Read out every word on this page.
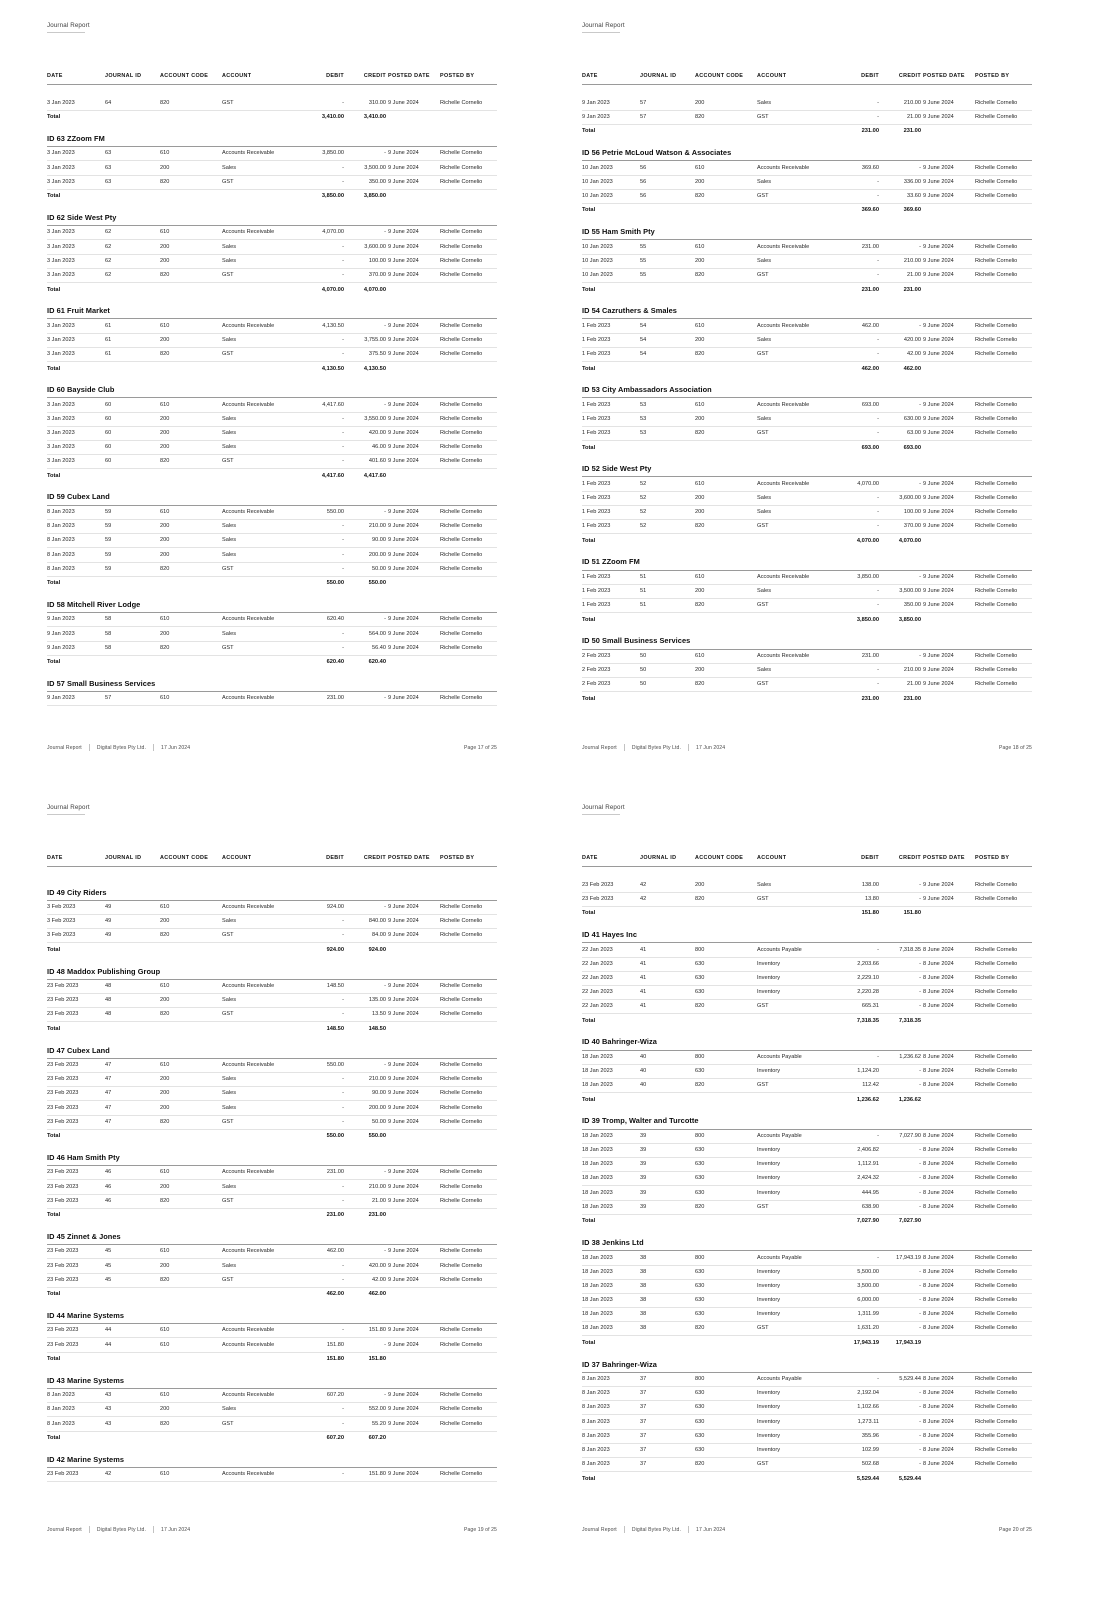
Journal Report
DATE	JOURNAL ID	ACCOUNT CODE	ACCOUNT	DEBIT	CREDIT	POSTED DATE	POSTED BY

3 Jan 2023	64	820	GST	-	310.00	9 June 2024	Richelle Cornelio
Total				3,410.00	3,410.00		
ID 63 ZZoom FM							
3 Jan 2023	63	610	Accounts Receivable	3,850.00	-	9 June 2024	Richelle Cornelio
3 Jan 2023	63	200	Sales	-	3,500.00	9 June 2024	Richelle Cornelio
3 Jan 2023	63	820	GST	-	350.00	9 June 2024	Richelle Cornelio
Total				3,850.00	3,850.00		
ID 62 Side West Pty							
3 Jan 2023	62	610	Accounts Receivable	4,070.00	-	9 June 2024	Richelle Cornelio
3 Jan 2023	62	200	Sales	-	3,600.00	9 June 2024	Richelle Cornelio
3 Jan 2023	62	200	Sales	-	100.00	9 June 2024	Richelle Cornelio
3 Jan 2023	62	820	GST	-	370.00	9 June 2024	Richelle Cornelio
Total				4,070.00	4,070.00		
ID 61 Fruit Market							
3 Jan 2023	61	610	Accounts Receivable	4,130.50	-	9 June 2024	Richelle Cornelio
3 Jan 2023	61	200	Sales	-	3,755.00	9 June 2024	Richelle Cornelio
3 Jan 2023	61	820	GST	-	375.50	9 June 2024	Richelle Cornelio
Total				4,130.50	4,130.50		
ID 60 Bayside Club							
3 Jan 2023	60	610	Accounts Receivable	4,417.60	-	9 June 2024	Richelle Cornelio
3 Jan 2023	60	200	Sales	-	3,550.00	9 June 2024	Richelle Cornelio
3 Jan 2023	60	200	Sales	-	420.00	9 June 2024	Richelle Cornelio
3 Jan 2023	60	200	Sales	-	46.00	9 June 2024	Richelle Cornelio
3 Jan 2023	60	820	GST	-	401.60	9 June 2024	Richelle Cornelio
Total				4,417.60	4,417.60		
ID 59 Cubex Land							
8 Jan 2023	59	610	Accounts Receivable	550.00	-	9 June 2024	Richelle Cornelio
8 Jan 2023	59	200	Sales	-	210.00	9 June 2024	Richelle Cornelio
8 Jan 2023	59	200	Sales	-	90.00	9 June 2024	Richelle Cornelio
8 Jan 2023	59	200	Sales	-	200.00	9 June 2024	Richelle Cornelio
8 Jan 2023	59	820	GST	-	50.00	9 June 2024	Richelle Cornelio
Total				550.00	550.00		
ID 58 Mitchell River Lodge							
9 Jan 2023	58	610	Accounts Receivable	620.40	-	9 June 2024	Richelle Cornelio
9 Jan 2023	58	200	Sales	-	564.00	9 June 2024	Richelle Cornelio
9 Jan 2023	58	820	GST	-	56.40	9 June 2024	Richelle Cornelio
Total				620.40	620.40		
ID 57 Small Business Services							
9 Jan 2023	57	610	Accounts Receivable	231.00	-	9 June 2024	Richelle Cornelio
Journal Report	Digital Bytes Pty Ltd.	17 Jun 2024	Page 17 of 25
Journal Report
DATE	JOURNAL ID	ACCOUNT CODE	ACCOUNT	DEBIT	CREDIT	POSTED DATE	POSTED BY

9 Jan 2023	57	200	Sales	-	210.00	9 June 2024	Richelle Cornelio
9 Jan 2023	57	820	GST	-	21.00	9 June 2024	Richelle Cornelio
Total				231.00	231.00		
ID 56 Petrie McLoud Watson & Associates							
10 Jan 2023	56	610	Accounts Receivable	369.60	-	9 June 2024	Richelle Cornelio
10 Jan 2023	56	200	Sales	-	336.00	9 June 2024	Richelle Cornelio
10 Jan 2023	56	820	GST	-	33.60	9 June 2024	Richelle Cornelio
Total				369.60	369.60		
ID 55 Ham Smith Pty							
10 Jan 2023	55	610	Accounts Receivable	231.00	-	9 June 2024	Richelle Cornelio
10 Jan 2023	55	200	Sales	-	210.00	9 June 2024	Richelle Cornelio
10 Jan 2023	55	820	GST	-	21.00	9 June 2024	Richelle Cornelio
Total				231.00	231.00		
ID 54 Cazruthers & Smales							
1 Feb 2023	54	610	Accounts Receivable	462.00	-	9 June 2024	Richelle Cornelio
1 Feb 2023	54	200	Sales	-	420.00	9 June 2024	Richelle Cornelio
1 Feb 2023	54	820	GST	-	42.00	9 June 2024	Richelle Cornelio
Total				462.00	462.00		
ID 53 City Ambassadors Association							
1 Feb 2023	53	610	Accounts Receivable	693.00	-	9 June 2024	Richelle Cornelio
1 Feb 2023	53	200	Sales	-	630.00	9 June 2024	Richelle Cornelio
1 Feb 2023	53	820	GST	-	63.00	9 June 2024	Richelle Cornelio
Total				693.00	693.00		
ID 52 Side West Pty							
1 Feb 2023	52	610	Accounts Receivable	4,070.00	-	9 June 2024	Richelle Cornelio
1 Feb 2023	52	200	Sales	-	3,600.00	9 June 2024	Richelle Cornelio
1 Feb 2023	52	200	Sales	-	100.00	9 June 2024	Richelle Cornelio
1 Feb 2023	52	820	GST	-	370.00	9 June 2024	Richelle Cornelio
Total				4,070.00	4,070.00		
ID 51 ZZoom FM							
1 Feb 2023	51	610	Accounts Receivable	3,850.00	-	9 June 2024	Richelle Cornelio
1 Feb 2023	51	200	Sales	-	3,500.00	9 June 2024	Richelle Cornelio
1 Feb 2023	51	820	GST	-	350.00	9 June 2024	Richelle Cornelio
Total				3,850.00	3,850.00		
ID 50 Small Business Services							
2 Feb 2023	50	610	Accounts Receivable	231.00	-	9 June 2024	Richelle Cornelio
2 Feb 2023	50	200	Sales	-	210.00	9 June 2024	Richelle Cornelio
2 Feb 2023	50	820	GST	-	21.00	9 June 2024	Richelle Cornelio
Total				231.00	231.00		
Journal Report	Digital Bytes Pty Ltd.	17 Jun 2024	Page 18 of 25
Journal Report
DATE	JOURNAL ID	ACCOUNT CODE	ACCOUNT	DEBIT	CREDIT	POSTED DATE	POSTED BY

ID 49 City Riders							
3 Feb 2023	49	610	Accounts Receivable	924.00	-	9 June 2024	Richelle Cornelio
3 Feb 2023	49	200	Sales	-	840.00	9 June 2024	Richelle Cornelio
3 Feb 2023	49	820	GST	-	84.00	9 June 2024	Richelle Cornelio
Total				924.00	924.00		
ID 48 Maddox Publishing Group							
23 Feb 2023	48	610	Accounts Receivable	148.50	-	9 June 2024	Richelle Cornelio
23 Feb 2023	48	200	Sales	-	135.00	9 June 2024	Richelle Cornelio
23 Feb 2023	48	820	GST	-	13.50	9 June 2024	Richelle Cornelio
Total				148.50	148.50		
ID 47 Cubex Land							
23 Feb 2023	47	610	Accounts Receivable	550.00	-	9 June 2024	Richelle Cornelio
23 Feb 2023	47	200	Sales	-	210.00	9 June 2024	Richelle Cornelio
23 Feb 2023	47	200	Sales	-	90.00	9 June 2024	Richelle Cornelio
23 Feb 2023	47	200	Sales	-	200.00	9 June 2024	Richelle Cornelio
23 Feb 2023	47	820	GST	-	50.00	9 June 2024	Richelle Cornelio
Total				550.00	550.00		
ID 46 Ham Smith Pty							
23 Feb 2023	46	610	Accounts Receivable	231.00	-	9 June 2024	Richelle Cornelio
23 Feb 2023	46	200	Sales	-	210.00	9 June 2024	Richelle Cornelio
23 Feb 2023	46	820	GST	-	21.00	9 June 2024	Richelle Cornelio
Total				231.00	231.00		
ID 45 Zinnet & Jones							
23 Feb 2023	45	610	Accounts Receivable	462.00	-	9 June 2024	Richelle Cornelio
23 Feb 2023	45	200	Sales	-	420.00	9 June 2024	Richelle Cornelio
23 Feb 2023	45	820	GST	-	42.00	9 June 2024	Richelle Cornelio
Total				462.00	462.00		
ID 44 Marine Systems							
23 Feb 2023	44	610	Accounts Receivable	-	151.80	9 June 2024	Richelle Cornelio
23 Feb 2023	44	610	Accounts Receivable	151.80	-	9 June 2024	Richelle Cornelio
Total				151.80	151.80		
ID 43 Marine Systems							
8 Jan 2023	43	610	Accounts Receivable	607.20	-	9 June 2024	Richelle Cornelio
8 Jan 2023	43	200	Sales	-	552.00	9 June 2024	Richelle Cornelio
8 Jan 2023	43	820	GST	-	55.20	9 June 2024	Richelle Cornelio
Total				607.20	607.20		
ID 42 Marine Systems							
23 Feb 2023	42	610	Accounts Receivable	-	151.80	9 June 2024	Richelle Cornelio
Journal Report	Digital Bytes Pty Ltd.	17 Jun 2024	Page 19 of 25
Journal Report
DATE	JOURNAL ID	ACCOUNT CODE	ACCOUNT	DEBIT	CREDIT	POSTED DATE	POSTED BY

23 Feb 2023	42	200	Sales	138.00	-	9 June 2024	Richelle Cornelio
23 Feb 2023	42	820	GST	13.80	-	9 June 2024	Richelle Cornelio
Total				151.80	151.80		
ID 41 Hayes Inc							
22 Jan 2023	41	800	Accounts Payable	-	7,318.35	8 June 2024	Richelle Cornelio
22 Jan 2023	41	630	Inventory	2,203.66	-	8 June 2024	Richelle Cornelio
22 Jan 2023	41	630	Inventory	2,229.10	-	8 June 2024	Richelle Cornelio
22 Jan 2023	41	630	Inventory	2,220.28	-	8 June 2024	Richelle Cornelio
22 Jan 2023	41	820	GST	665.31	-	8 June 2024	Richelle Cornelio
Total				7,318.35	7,318.35		
ID 40 Bahringer-Wiza							
18 Jan 2023	40	800	Accounts Payable	-	1,236.62	8 June 2024	Richelle Cornelio
18 Jan 2023	40	630	Inventory	1,124.20	-	8 June 2024	Richelle Cornelio
18 Jan 2023	40	820	GST	112.42	-	8 June 2024	Richelle Cornelio
Total				1,236.62	1,236.62		
ID 39 Tromp, Walter and Turcotte							
18 Jan 2023	39	800	Accounts Payable	-	7,027.90	8 June 2024	Richelle Cornelio
18 Jan 2023	39	630	Inventory	2,406.82	-	8 June 2024	Richelle Cornelio
18 Jan 2023	39	630	Inventory	1,112.91	-	8 June 2024	Richelle Cornelio
18 Jan 2023	39	630	Inventory	2,424.32	-	8 June 2024	Richelle Cornelio
18 Jan 2023	39	630	Inventory	444.95	-	8 June 2024	Richelle Cornelio
18 Jan 2023	39	820	GST	638.90	-	8 June 2024	Richelle Cornelio
Total				7,027.90	7,027.90		
ID 38 Jenkins Ltd							
18 Jan 2023	38	800	Accounts Payable	-	17,943.19	8 June 2024	Richelle Cornelio
18 Jan 2023	38	630	Inventory	5,500.00	-	8 June 2024	Richelle Cornelio
18 Jan 2023	38	630	Inventory	3,500.00	-	8 June 2024	Richelle Cornelio
18 Jan 2023	38	630	Inventory	6,000.00	-	8 June 2024	Richelle Cornelio
18 Jan 2023	38	630	Inventory	1,311.99	-	8 June 2024	Richelle Cornelio
18 Jan 2023	38	820	GST	1,631.20	-	8 June 2024	Richelle Cornelio
Total				17,943.19	17,943.19		
ID 37 Bahringer-Wiza							
8 Jan 2023	37	800	Accounts Payable	-	5,529.44	8 June 2024	Richelle Cornelio
8 Jan 2023	37	630	Inventory	2,192.04	-	8 June 2024	Richelle Cornelio
8 Jan 2023	37	630	Inventory	1,102.66	-	8 June 2024	Richelle Cornelio
8 Jan 2023	37	630	Inventory	1,273.11	-	8 June 2024	Richelle Cornelio
8 Jan 2023	37	630	Inventory	355.96	-	8 June 2024	Richelle Cornelio
8 Jan 2023	37	630	Inventory	102.99	-	8 June 2024	Richelle Cornelio
8 Jan 2023	37	820	GST	502.68	-	8 June 2024	Richelle Cornelio
Total				5,529.44	5,529.44		
Journal Report	Digital Bytes Pty Ltd.	17 Jun 2024	Page 20 of 25
